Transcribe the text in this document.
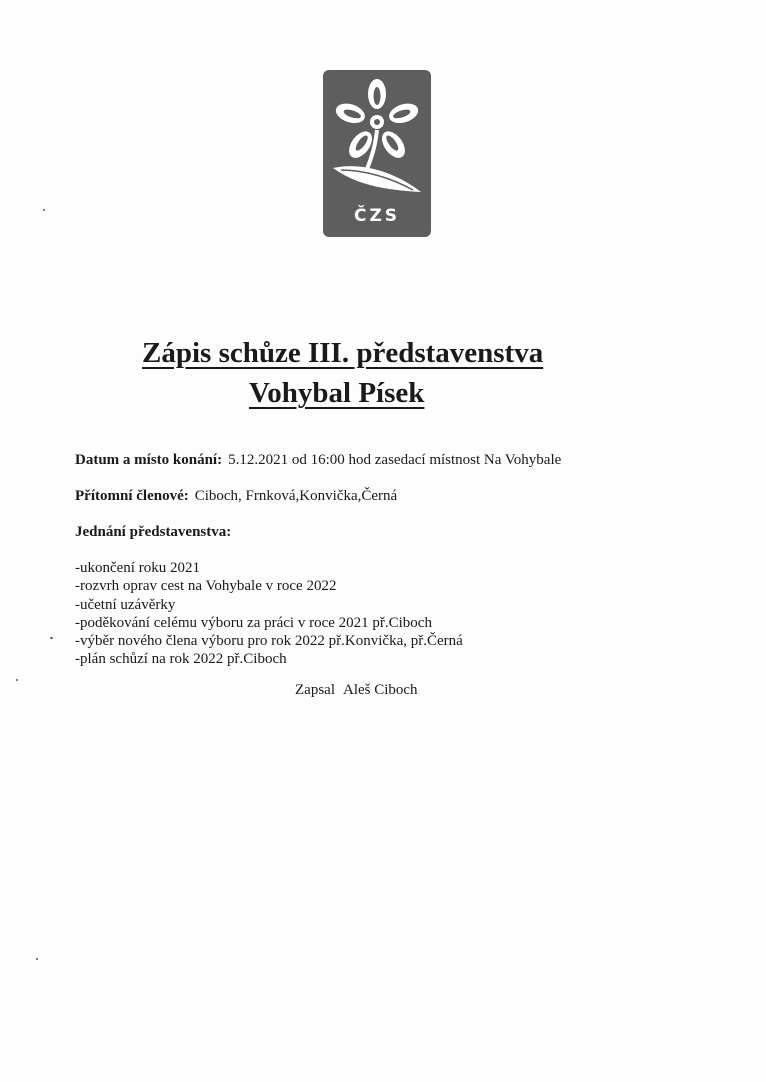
ČZS
Zápis schůze III. představenstva
Vohybal Písek
Datum a místo konání: 5.12.2021 od 16:00 hod zasedací místnost Na Vohybale
Přítomní členové: Ciboch, Frnková,Konvička,Černá
Jednání představenstva:
-ukončení roku 2021
-rozvrh oprav cest na Vohybale v roce 2022
-učetní uzávěrky
-poděkování celému výboru za práci v roce 2021 př.Ciboch
-výběr nového člena výboru pro rok 2022 př.Konvička, př.Černá
-plán schůzí na rok 2022 př.Ciboch
Zapsal Aleš Ciboch
